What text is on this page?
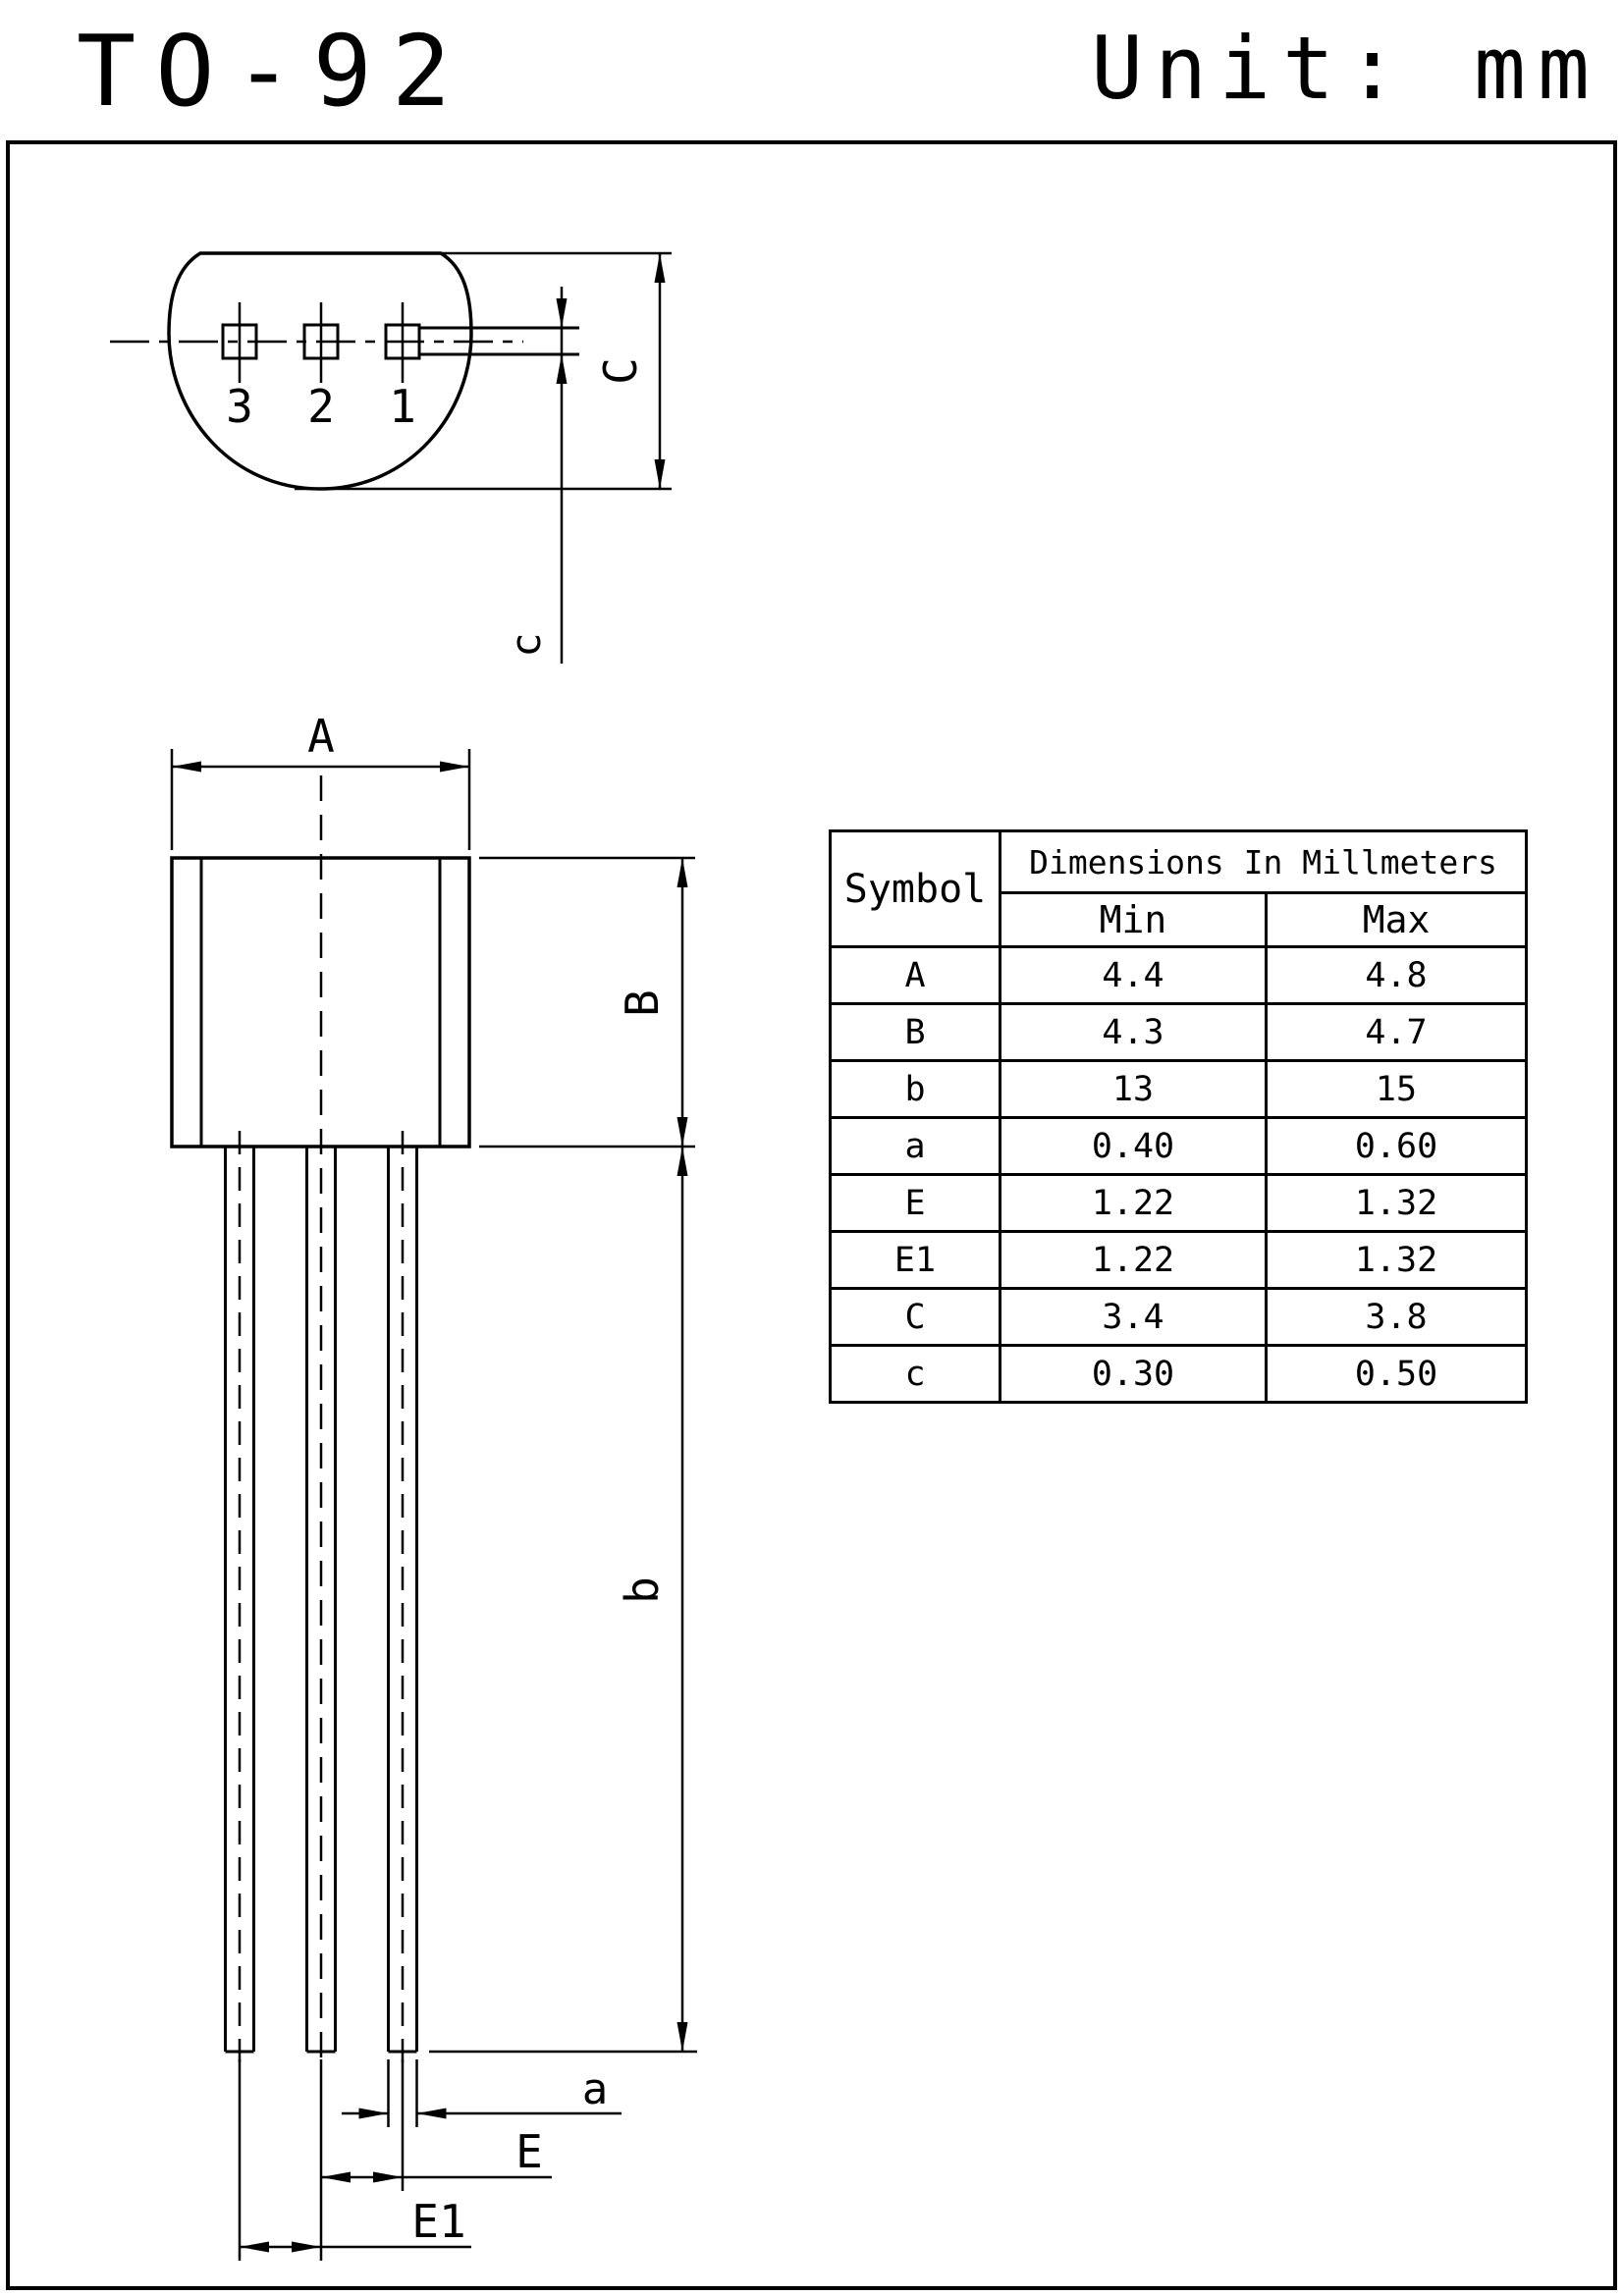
TO-92	Unit: mm
3 2 1
c
C
A
B
b
a
E
E1
Symbol	Dimensions In Millmeters	
	Min	Max
A	4.4	4.8
B	4.3	4.7
b	13	15
a	0.40	0.60
E	1.22	1.32
E1	1.22	1.32
C	3.4	3.8
c	0.30	0.50
